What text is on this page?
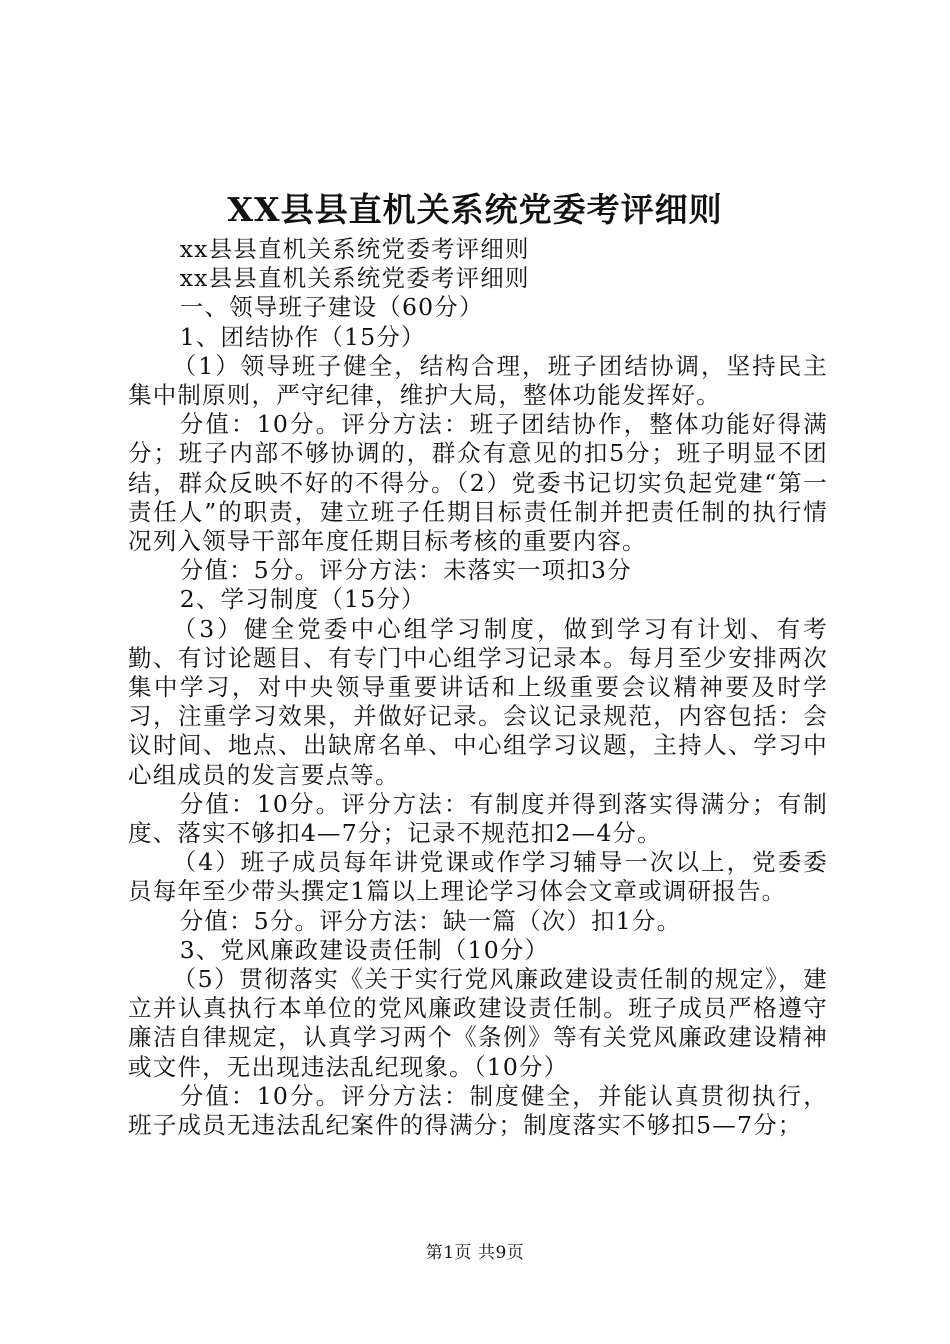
XX县县直机关系统党委考评细则

xx县县直机关系统党委考评细则

xx县县直机关系统党委考评细则

一、领导班子建设（60分）

1、团结协作（15分）

（1）领导班子健全，结构合理，班子团结协调，坚持民主集中制原则，严守纪律，维护大局，整体功能发挥好。

分值：10分。评分方法：班子团结协作，整体功能好得满分；班子内部不够协调的，群众有意见的扣5分；班子明显不团结，群众反映不好的不得分。（2）党委书记切实负起党建“第一责任人”的职责，建立班子任期目标责任制并把责任制的执行情况列入领导干部年度任期目标考核的重要内容。

分值：5分。评分方法：未落实一项扣3分

2、学习制度（15分）

（3）健全党委中心组学习制度，做到学习有计划、有考勤、有讨论题目、有专门中心组学习记录本。每月至少安排两次集中学习，对中央领导重要讲话和上级重要会议精神要及时学习，注重学习效果，并做好记录。会议记录规范，内容包括：会议时间、地点、出缺席名单、中心组学习议题，主持人、学习中心组成员的发言要点等。

分值：10分。评分方法：有制度并得到落实得满分；有制度、落实不够扣4—7分；记录不规范扣2—4分。

（4）班子成员每年讲党课或作学习辅导一次以上，党委委员每年至少带头撰定1篇以上理论学习体会文章或调研报告。

分值：5分。评分方法：缺一篇（次）扣1分。

3、党风廉政建设责任制（10分）

（5）贯彻落实《关于实行党风廉政建设责任制的规定》，建立并认真执行本单位的党风廉政建设责任制。班子成员严格遵守廉洁自律规定，认真学习两个《条例》等有关党风廉政建设精神或文件，无出现违法乱纪现象。（10分）

分值：10分。评分方法：制度健全，并能认真贯彻执行，班子成员无违法乱纪案件的得满分；制度落实不够扣5—7分；

第1页 共9页
